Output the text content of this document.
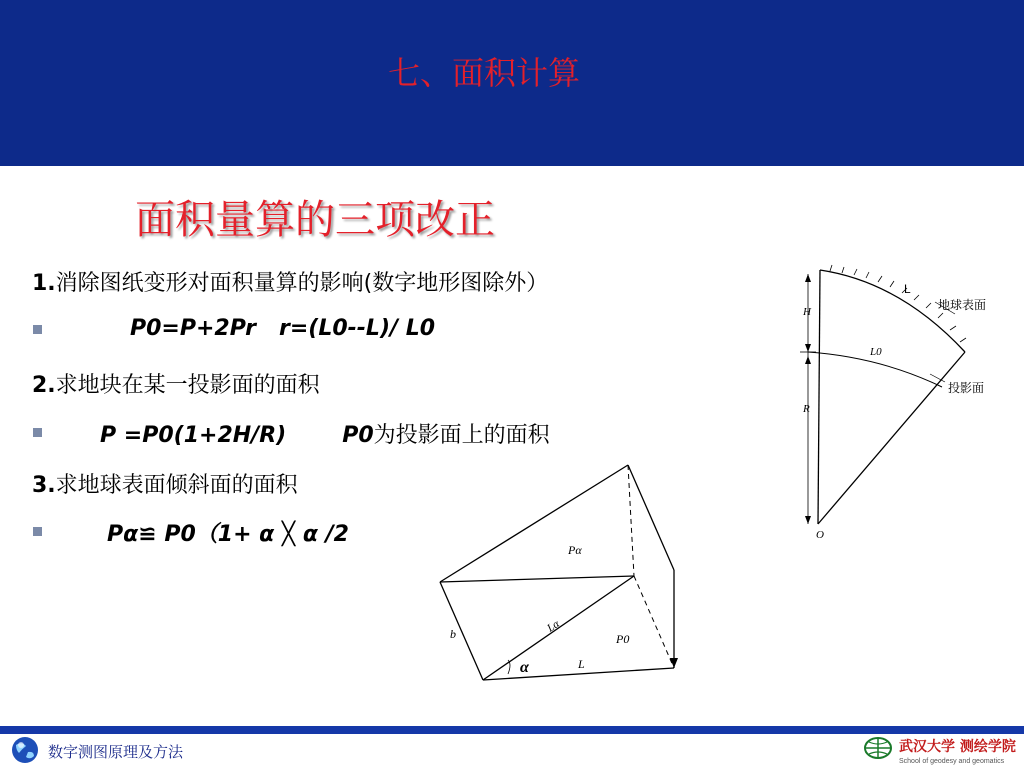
七、面积计算
面积量算的三项改正
1.消除图纸变形对面积量算的影响(数字地形图除外）
P0=P+2Pr   r=(L0--L)/ L0
2.求地块在某一投影面的面积
P =P0(1+2H/R)	P0为投影面上的面积
3.求地球表面倾斜面的面积
Pα≌ P0（1+ α ╳ α /2
L
地球表面
L0
投影面
H
R
O
Pα
Lα
P0
b
α	L
数字测图原理及方法	武汉大学 测绘学院
School of geodesy and geomatics
